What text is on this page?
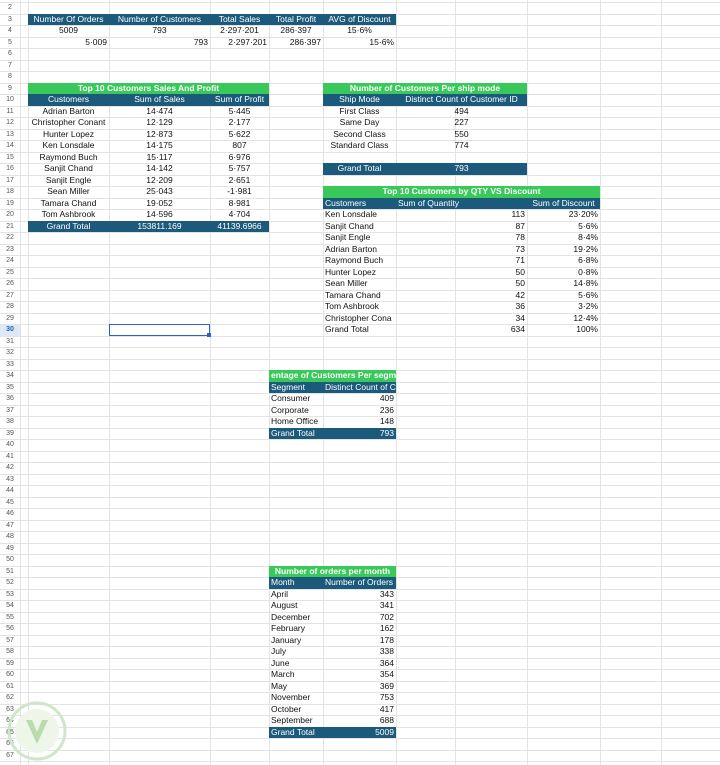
2
3
4
5
6
7
8
9
10
11
12
13
14
15
16
17
18
19
20
21
22
23
24
25
26
27
28
29
30
31
32
33
34
35
36
37
38
39
40
41
42
43
44
45
46
47
48
49
50
51
52
53
54
55
56
57
58
59
60
61
62
63
64
65
66
67
Number Of Orders	Number of Customers	Total Sales	Total Profit	AVG of Discount
5009	793	2·297·201	286·397	15·6%
5·009	793	2·297·201	286·397	15·6%
Top 10 Customers Sales And Profit
Customers	Sum of Sales	Sum of Profit
Adrian Barton	14·474	5·445
Christopher Conant	12·129	2·177
Hunter Lopez	12·873	5·622
Ken Lonsdale	14·175	807
Raymond Buch	15·117	6·976
Sanjit Chand	14·142	5·757
Sanjit Engle	12·209	2·651
Sean Miller	25·043	-1·981
Tamara Chand	19·052	8·981
Tom Ashbrook	14·596	4·704
Grand Total	153811.169	41139.6966
Number of Customers Per ship mode
Ship Mode	Distinct Count of Customer ID
First Class	494
Same Day	227
Second Class	550
Standard Class	774
Grand Total	793
Top 10 Customers by QTY VS Discount
Customers	Sum of Quantity	Sum of Discount
Ken Lonsdale	113	23·20%
Sanjit Chand	87	5·6%
Sanjit Engle	78	8·4%
Adrian Barton	73	19·2%
Raymond Buch	71	6·8%
Hunter Lopez	50	0·8%
Sean Miller	50	14·8%
Tamara Chand	42	5·6%
Tom Ashbrook	36	3·2%
Christopher Cona	34	12·4%
Grand Total	634	100%
entage of Customers Per segm
Segment	Distinct Count of C
Consumer	409
Corporate	236
Home Office	148
Grand Total	793
Number of orders per month
Month	Number of Orders
April	343
August	341
December	702
February	162
January	178
July	338
June	364
March	354
May	369
November	753
October	417
September	688
Grand Total	5009
